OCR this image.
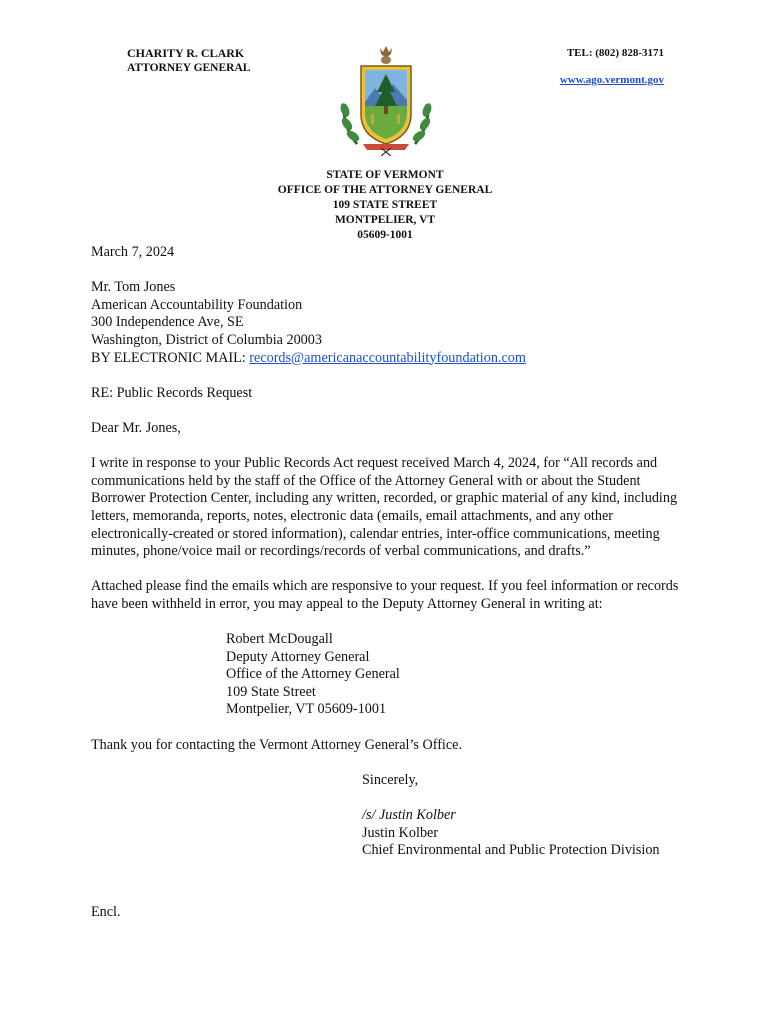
CHARITY R. CLARK
ATTORNEY GENERAL
TEL: (802) 828-3171
www.ago.vermont.gov
STATE OF VERMONT
OFFICE OF THE ATTORNEY GENERAL
109 STATE STREET
MONTPELIER, VT
05609-1001

March 7, 2024

Mr. Tom Jones
American Accountability Foundation
300 Independence Ave, SE
Washington, District of Columbia 20003
BY ELECTRONIC MAIL: records@americanaccountabilityfoundation.com

RE: Public Records Request

Dear Mr. Jones,

I write in response to your Public Records Act request received March 4, 2024, for “All records and communications held by the staff of the Office of the Attorney General with or about the Student Borrower Protection Center, including any written, recorded, or graphic material of any kind, including letters, memoranda, reports, notes, electronic data (emails, email attachments, and any other electronically-created or stored information), calendar entries, inter-office communications, meeting minutes, phone/voice mail or recordings/records of verbal communications, and drafts.”

Attached please find the emails which are responsive to your request. If you feel information or records have been withheld in error, you may appeal to the Deputy Attorney General in writing at:

Robert McDougall
Deputy Attorney General
Office of the Attorney General
109 State Street
Montpelier, VT 05609-1001

Thank you for contacting the Vermont Attorney General’s Office.

Sincerely,

/s/ Justin Kolber
Justin Kolber
Chief Environmental and Public Protection Division

Encl.
